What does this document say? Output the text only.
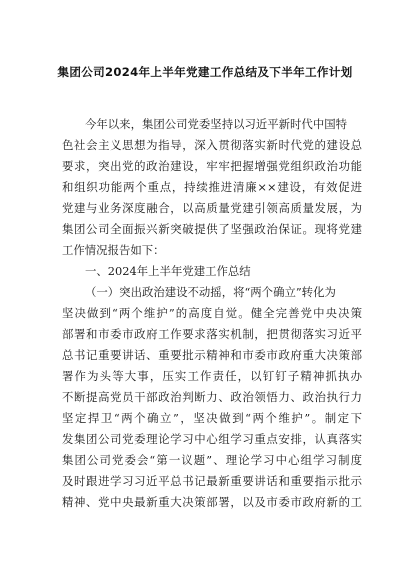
集团公司2024年上半年党建工作总结及下半年工作计划
今年以来，集团公司党委坚持以习近平新时代中国特
色社会主义思想为指导，深入贯彻落实新时代党的建设总
要求，突出党的政治建设，牢牢把握增强党组织政治功能
和组织功能两个重点，持续推进清廉××建设，有效促进
党建与业务深度融合，以高质量党建引领高质量发展，为
集团公司全面振兴新突破提供了坚强政治保证。现将党建
工作情况报告如下：
一、2024年上半年党建工作总结
（一）突出政治建设不动摇，将“两个确立”转化为
坚决做到“两个维护”的高度自觉。健全完善党中央决策
部署和市委市政府工作要求落实机制，把贯彻落实习近平
总书记重要讲话、重要批示精神和市委市政府重大决策部
署作为头等大事，压实工作责任，以钉钉子精神抓执办
不断提高党员干部政治判断力、政治领悟力、政治执行力
坚定捍卫“两个确立”，坚决做到“两个维护”。制定下
发集团公司党委理论学习中心组学习重点安排，认真落实
集团公司党委会“第一议题”、理论学习中心组学习制度
及时跟进学习习近平总书记最新重要讲话和重要指示批示
精神、党中央最新重大决策部署，以及市委市政府新的工
